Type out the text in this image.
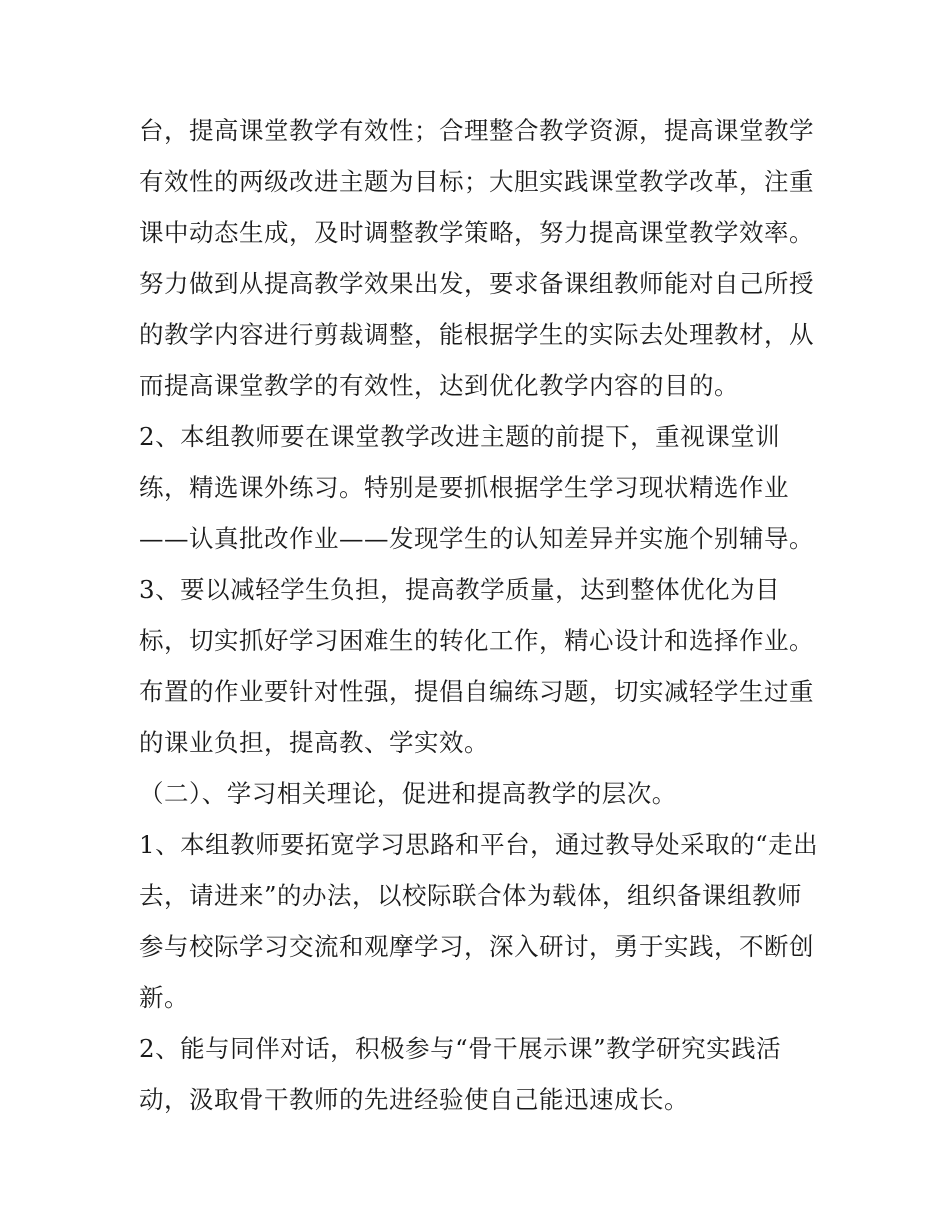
台，提高课堂教学有效性；合理整合教学资源，提高课堂教学
有效性的两级改进主题为目标；大胆实践课堂教学改革，注重
课中动态生成，及时调整教学策略，努力提高课堂教学效率。
努力做到从提高教学效果出发，要求备课组教师能对自己所授
的教学内容进行剪裁调整，能根据学生的实际去处理教材，从
而提高课堂教学的有效性，达到优化教学内容的目的。
2、本组教师要在课堂教学改进主题的前提下，重视课堂训
练，精选课外练习。特别是要抓根据学生学习现状精选作业
——认真批改作业——发现学生的认知差异并实施个别辅导。
3、要以减轻学生负担，提高教学质量，达到整体优化为目
标，切实抓好学习困难生的转化工作，精心设计和选择作业。
布置的作业要针对性强，提倡自编练习题，切实减轻学生过重
的课业负担，提高教、学实效。
（二）、学习相关理论，促进和提高教学的层次。
1、本组教师要拓宽学习思路和平台，通过教导处采取的“走出
去，请进来”的办法，以校际联合体为载体，组织备课组教师
参与校际学习交流和观摩学习，深入研讨，勇于实践，不断创
新。
2、能与同伴对话，积极参与“骨干展示课”教学研究实践活
动，汲取骨干教师的先进经验使自己能迅速成长。
